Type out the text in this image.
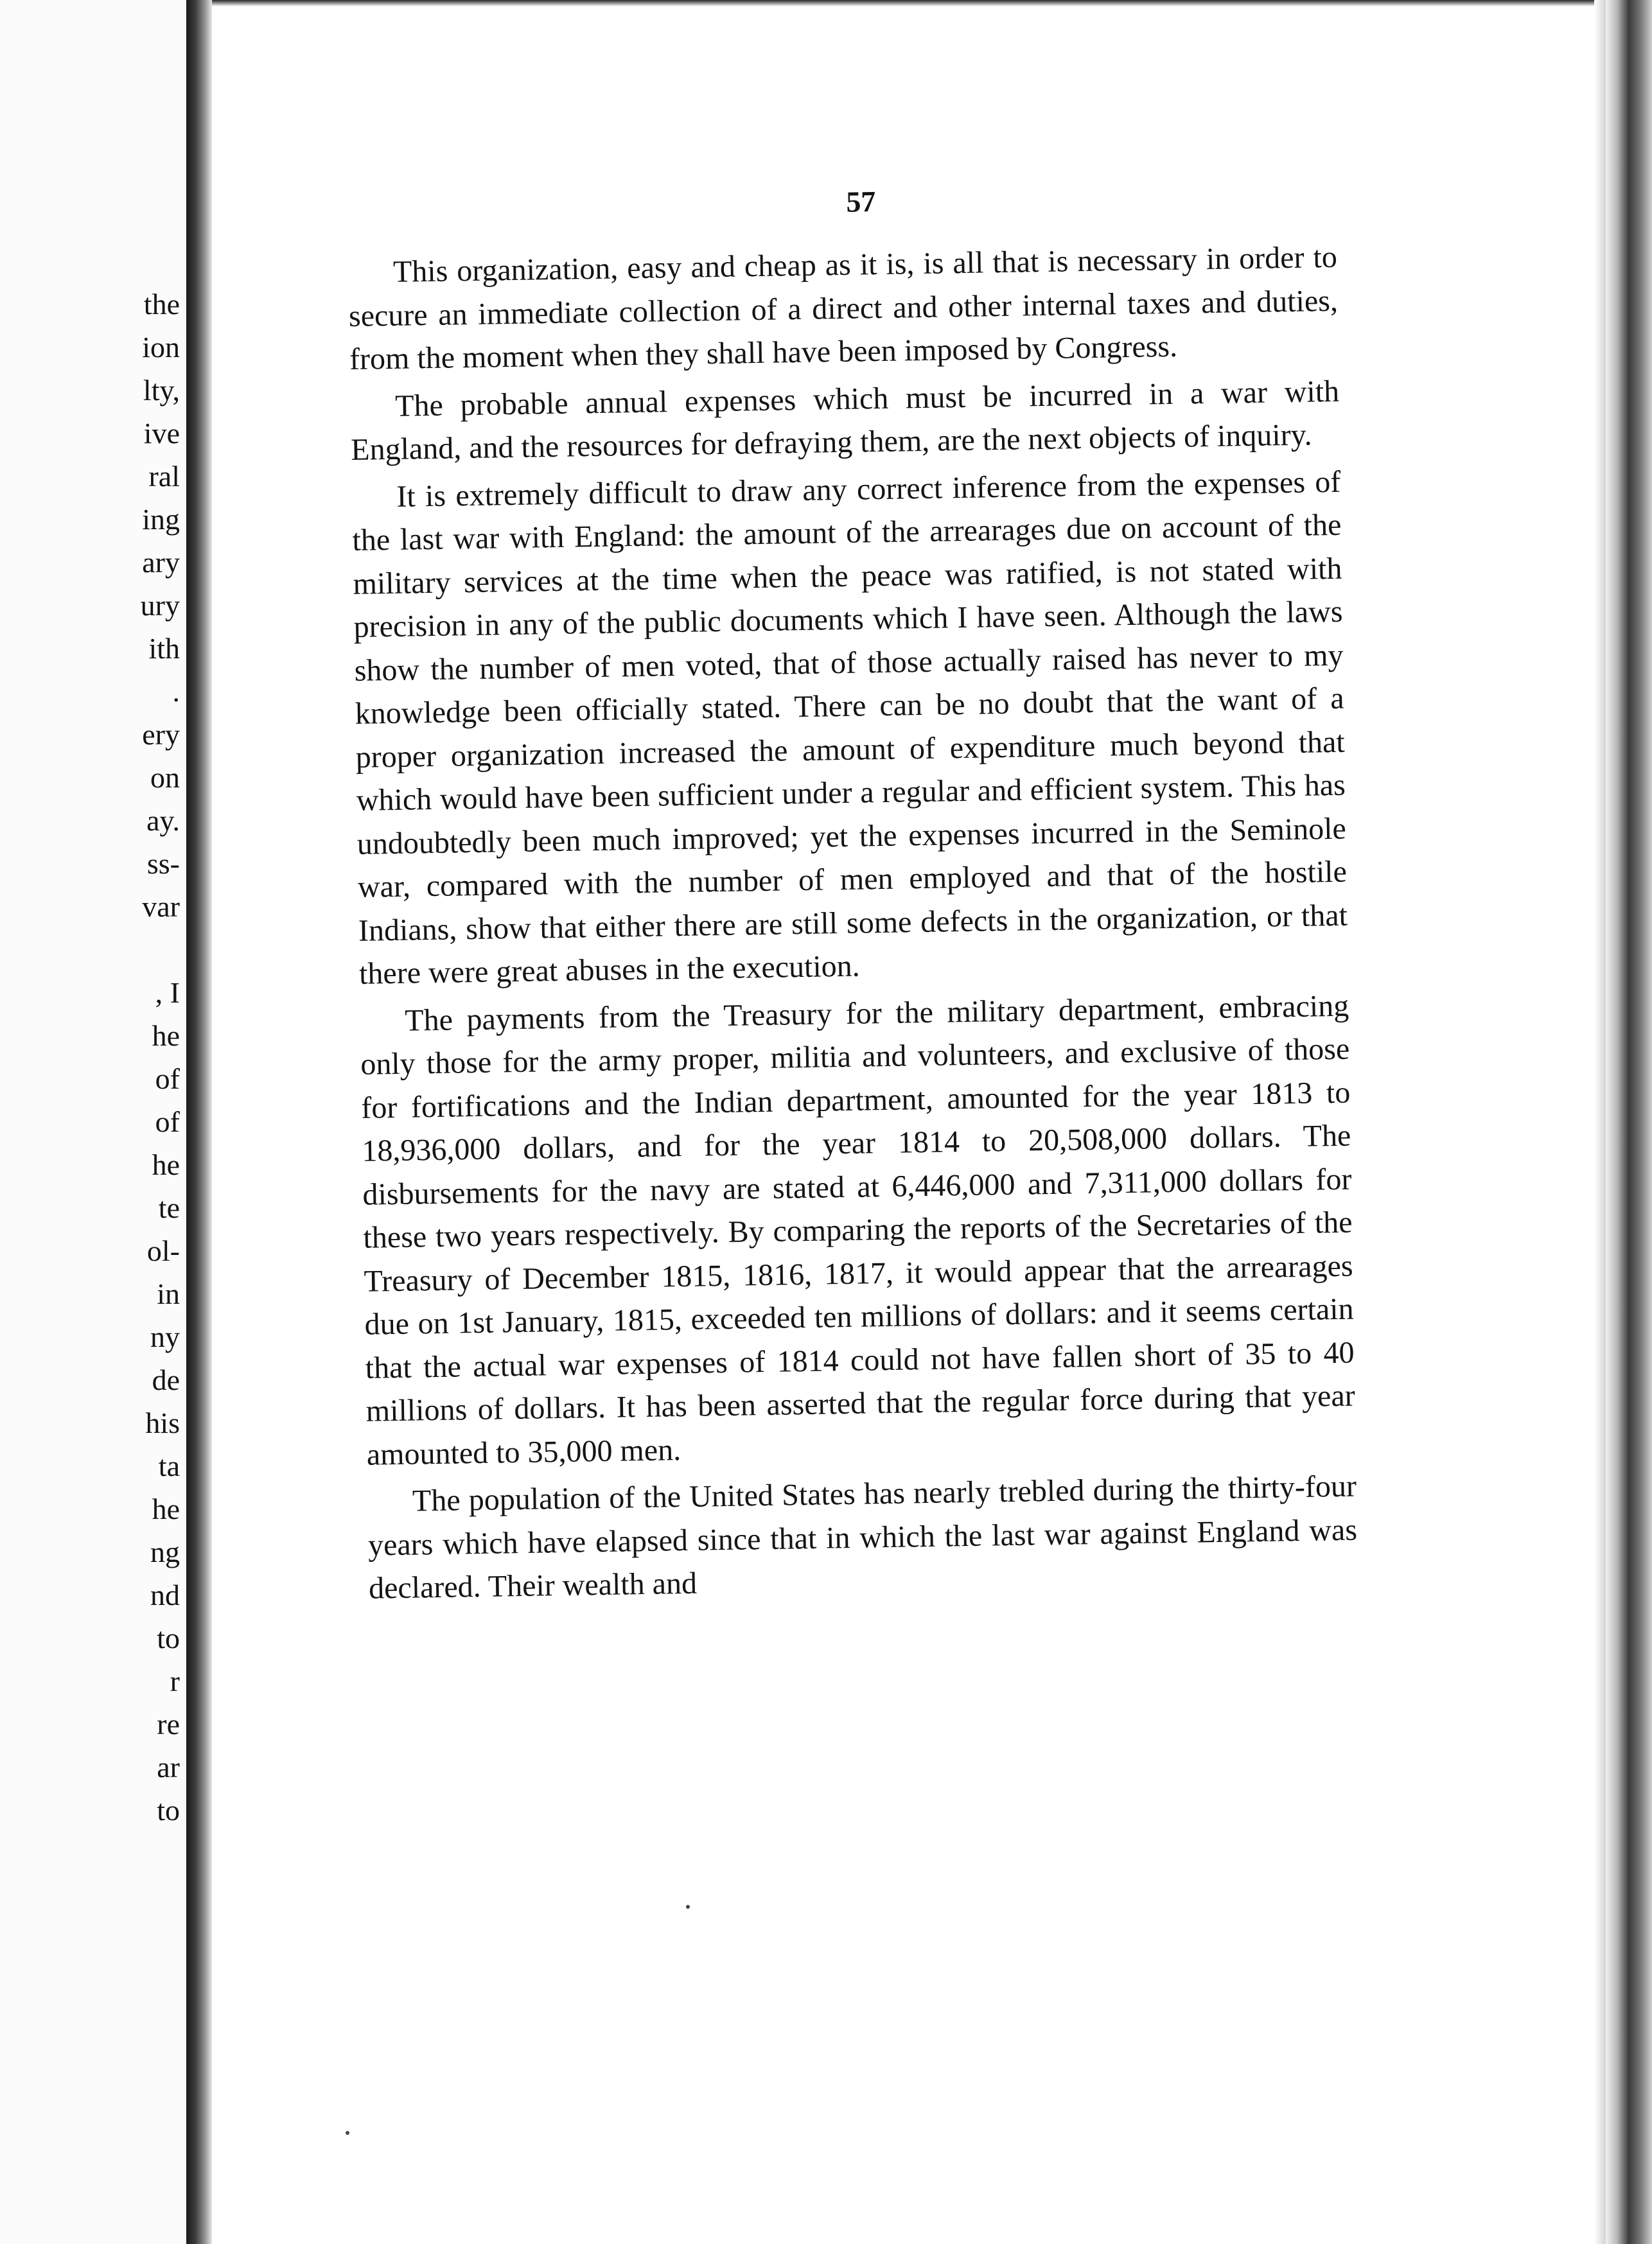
the
ion
lty,
ive
ral
ing
ary
ury
ith
.
ery
on
ay.
ss-
var
, I
he
of
of
he
te
ol-
in
ny
de
his
ta
he
ng
nd
to
r
re
ar
to
57

This organization, easy and cheap as it is, is all that is necessary in order to secure an immediate collection of a direct and other internal taxes and duties, from the moment when they shall have been imposed by Congress.

The probable annual expenses which must be incurred in a war with England, and the resources for defraying them, are the next objects of inquiry.

It is extremely difficult to draw any correct inference from the expenses of the last war with England: the amount of the arrearages due on account of the military services at the time when the peace was ratified, is not stated with precision in any of the public documents which I have seen. Although the laws show the number of men voted, that of those actually raised has never to my knowledge been officially stated. There can be no doubt that the want of a proper organization increased the amount of expenditure much beyond that which would have been sufficient under a regular and efficient system. This has undoubtedly been much improved; yet the expenses incurred in the Seminole war, compared with the number of men employed and that of the hostile Indians, show that either there are still some defects in the organization, or that there were great abuses in the execution.

The payments from the Treasury for the military department, embracing only those for the army proper, militia and volunteers, and exclusive of those for fortifications and the Indian department, amounted for the year 1813 to 18,936,000 dollars, and for the year 1814 to 20,508,000 dollars. The disbursements for the navy are stated at 6,446,000 and 7,311,000 dollars for these two years respectively. By comparing the reports of the Secretaries of the Treasury of December 1815, 1816, 1817, it would appear that the arrearages due on 1st January, 1815, exceeded ten millions of dollars: and it seems certain that the actual war expenses of 1814 could not have fallen short of 35 to 40 millions of dollars. It has been asserted that the regular force during that year amounted to 35,000 men.

The population of the United States has nearly trebled during the thirty-four years which have elapsed since that in which the last war against England was declared. Their wealth and
